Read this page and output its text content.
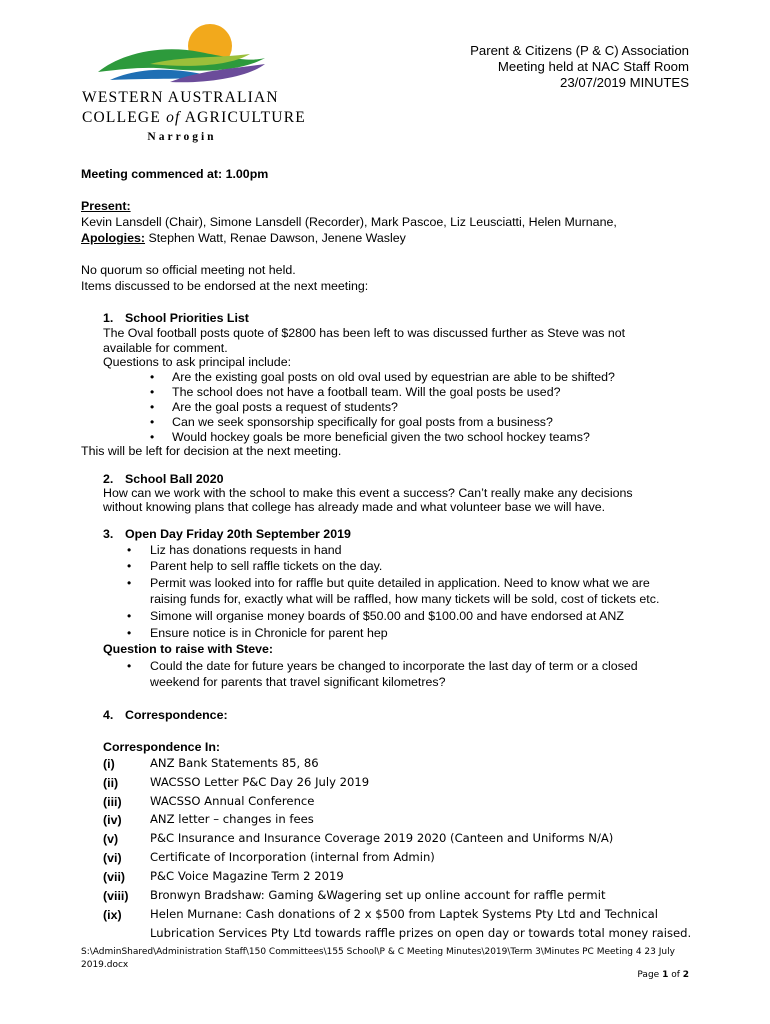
WESTERN AUSTRALIAN
COLLEGE of AGRICULTURE
Narrogin
Parent & Citizens (P & C) Association
Meeting held at NAC Staff Room
23/07/2019 MINUTES
Meeting commenced at: 1.00pm
Present:
Kevin Lansdell (Chair), Simone Lansdell (Recorder), Mark Pascoe, Liz Leusciatti, Helen Murnane,
Apologies: Stephen Watt, Renae Dawson, Jenene Wasley
No quorum so official meeting not held.
Items discussed to be endorsed at the next meeting:
1. School Priorities List
The Oval football posts quote of $2800 has been left to was discussed further as Steve was not
available for comment.
Questions to ask principal include:
• Are the existing goal posts on old oval used by equestrian are able to be shifted?
• The school does not have a football team. Will the goal posts be used?
• Are the goal posts a request of students?
• Can we seek sponsorship specifically for goal posts from a business?
• Would hockey goals be more beneficial given the two school hockey teams?
This will be left for decision at the next meeting.
2. School Ball 2020
How can we work with the school to make this event a success? Can’t really make any decisions
without knowing plans that college has already made and what volunteer base we will have.
3. Open Day Friday 20th September 2019
• Liz has donations requests in hand
• Parent help to sell raffle tickets on the day.
• Permit was looked into for raffle but quite detailed in application. Need to know what we are
raising funds for, exactly what will be raffled, how many tickets will be sold, cost of tickets etc.
• Simone will organise money boards of $50.00 and $100.00 and have endorsed at ANZ
• Ensure notice is in Chronicle for parent hep
Question to raise with Steve:
• Could the date for future years be changed to incorporate the last day of term or a closed
weekend for parents that travel significant kilometres?
4. Correspondence:
Correspondence In:
(i)	ANZ Bank Statements 85, 86
(ii)	WACSSO Letter P&C Day 26 July 2019
(iii) WACSSO Annual Conference
(iv) ANZ letter – changes in fees
(v)	P&C Insurance and Insurance Coverage 2019 2020 (Canteen and Uniforms N/A)
(vi) Certificate of Incorporation (internal from Admin)
(vii) P&C Voice Magazine Term 2 2019
(viii) Bronwyn Bradshaw: Gaming &Wagering set up online account for raffle permit
(ix) Helen Murnane: Cash donations of 2 x $500 from Laptek Systems Pty Ltd and Technical
Lubrication Services Pty Ltd towards raffle prizes on open day or towards total money raised.
S:\AdminShared\Administration Staff\150 Committees\155 School\P & C Meeting Minutes\2019\Term 3\Minutes PC Meeting 4 23 July
2019.docx
Page 1 of 2
